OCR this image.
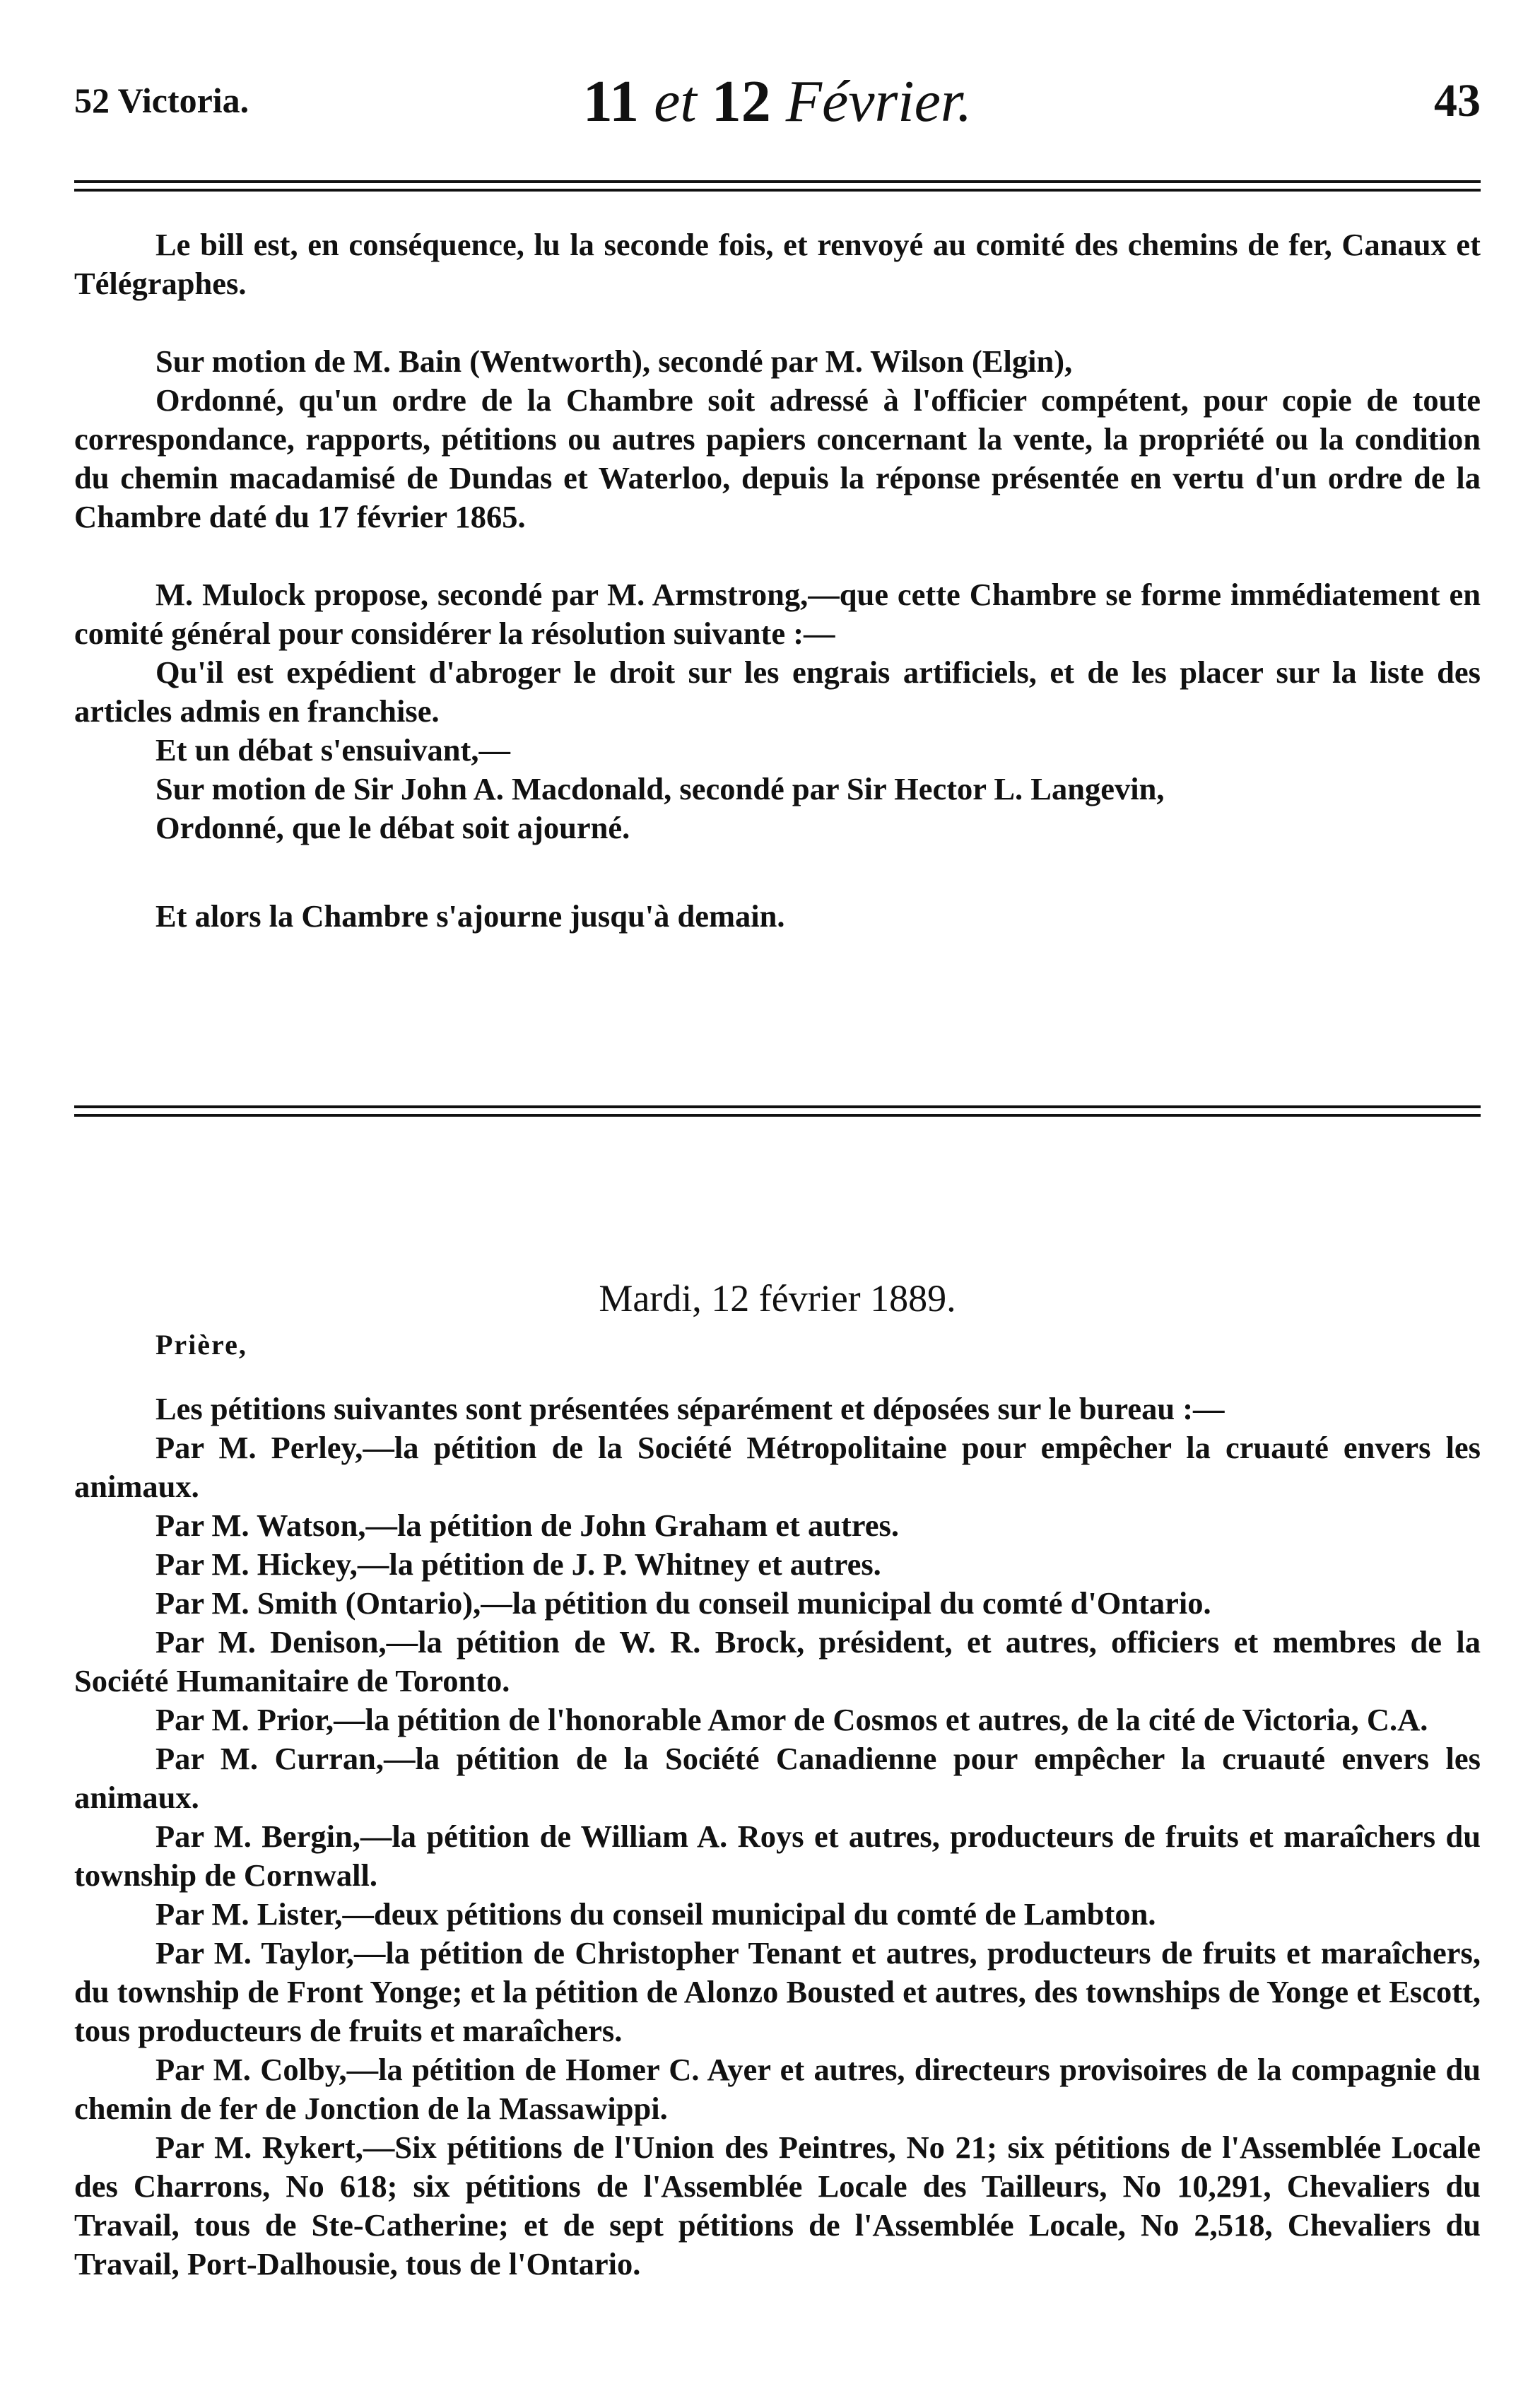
52 Victoria.	11 et 12 Février.	43

Le bill est, en conséquence, lu la seconde fois, et renvoyé au comité des chemins de fer, Canaux et Télégraphes.

Sur motion de M. Bain (Wentworth), secondé par M. Wilson (Elgin),

Ordonné, qu'un ordre de la Chambre soit adressé à l'officier compétent, pour copie de toute correspondance, rapports, pétitions ou autres papiers concernant la vente, la propriété ou la condition du chemin macadamisé de Dundas et Waterloo, depuis la réponse présentée en vertu d'un ordre de la Chambre daté du 17 février 1865.

M. Mulock propose, secondé par M. Armstrong,—que cette Chambre se forme immédiatement en comité général pour considérer la résolution suivante :—

Qu'il est expédient d'abroger le droit sur les engrais artificiels, et de les placer sur la liste des articles admis en franchise.

Et un débat s'ensuivant,—

Sur motion de Sir John A. Macdonald, secondé par Sir Hector L. Langevin,

Ordonné, que le débat soit ajourné.

Et alors la Chambre s'ajourne jusqu'à demain.

Mardi, 12 février 1889.
Prière,

Les pétitions suivantes sont présentées séparément et déposées sur le bureau :—

Par M. Perley,—la pétition de la Société Métropolitaine pour empêcher la cruauté envers les animaux.

Par M. Watson,—la pétition de John Graham et autres.

Par M. Hickey,—la pétition de J. P. Whitney et autres.

Par M. Smith (Ontario),—la pétition du conseil municipal du comté d'Ontario.

Par M. Denison,—la pétition de W. R. Brock, président, et autres, officiers et membres de la Société Humanitaire de Toronto.

Par M. Prior,—la pétition de l'honorable Amor de Cosmos et autres, de la cité de Victoria, C.A.

Par M. Curran,—la pétition de la Société Canadienne pour empêcher la cruauté envers les animaux.

Par M. Bergin,—la pétition de William A. Roys et autres, producteurs de fruits et maraîchers du township de Cornwall.

Par M. Lister,—deux pétitions du conseil municipal du comté de Lambton.

Par M. Taylor,—la pétition de Christopher Tenant et autres, producteurs de fruits et maraîchers, du township de Front Yonge; et la pétition de Alonzo Bousted et autres, des townships de Yonge et Escott, tous producteurs de fruits et maraîchers.

Par M. Colby,—la pétition de Homer C. Ayer et autres, directeurs provisoires de la compagnie du chemin de fer de Jonction de la Massawippi.

Par M. Rykert,—Six pétitions de l'Union des Peintres, No 21; six pétitions de l'Assemblée Locale des Charrons, No 618; six pétitions de l'Assemblée Locale des Tailleurs, No 10,291, Chevaliers du Travail, tous de Ste-Catherine; et de sept pétitions de l'Assemblée Locale, No 2,518, Chevaliers du Travail, Port-Dalhousie, tous de l'Ontario.
